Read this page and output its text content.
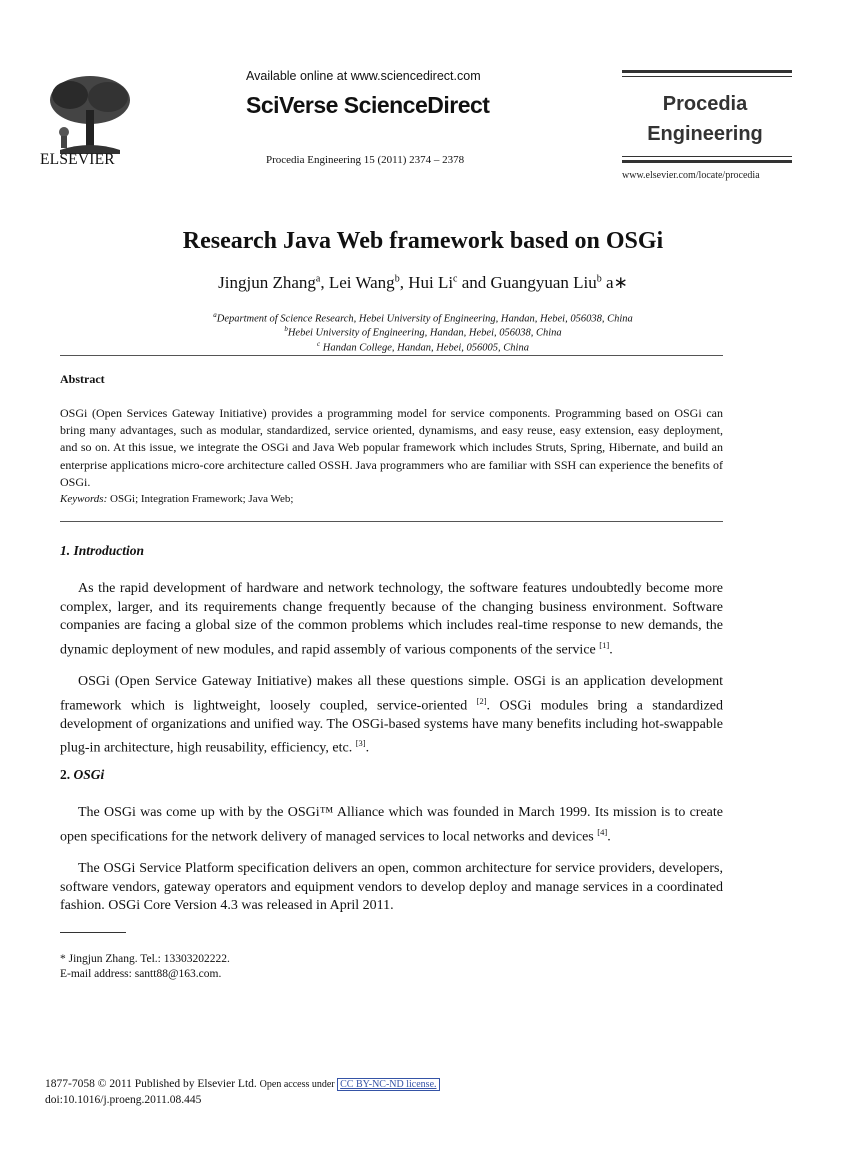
ELSEVIER
Available online at www.sciencedirect.com
SciVerse ScienceDirect
Procedia Engineering 15 (2011) 2374 – 2378
Procedia
Engineering
www.elsevier.com/locate/procedia
Research Java Web framework based on OSGi
Jingjun Zhang$^a$, Lei Wang$^b$, Hui Li$^c$ and Guangyuan Liu$^b$ a∗
$^a$Department of Science Research, Hebei University of Engineering, Handan, Hebei, 056038, China
$^b$Hebei University of Engineering, Handan, Hebei, 056038, China
$^c$ Handan College, Handan, Hebei, 056005, China
Abstract
OSGi (Open Services Gateway Initiative) provides a programming model for service components. Programming based on OSGi can bring many advantages, such as modular, standardized, service oriented, dynamisms, and easy reuse, easy extension, easy deployment, and so on. At this issue, we integrate the OSGi and Java Web popular framework which includes Struts, Spring, Hibernate, and build an enterprise applications micro-core architecture called OSSH. Java programmers who are familiar with SSH can experience the benefits of OSGi.
Keywords: OSGi; Integration Framework; Java Web;
1. Introduction
As the rapid development of hardware and network technology, the software features undoubtedly become more complex, larger, and its requirements change frequently because of the changing business environment. Software companies are facing a global size of the common problems which includes real-time response to new demands, the dynamic deployment of new modules, and rapid assembly of various components of the service [1].
OSGi (Open Service Gateway Initiative) makes all these questions simple. OSGi is an application development framework which is lightweight, loosely coupled, service-oriented [2]. OSGi modules bring a standardized development of organizations and unified way. The OSGi-based systems have many benefits including hot-swappable plug-in architecture, high reusability, efficiency, etc. [3].
2. OSGi
The OSGi was come up with by the OSGi™ Alliance which was founded in March 1999. Its mission is to create open specifications for the network delivery of managed services to local networks and devices [4].
The OSGi Service Platform specification delivers an open, common architecture for service providers, developers, software vendors, gateway operators and equipment vendors to develop deploy and manage services in a coordinated fashion. OSGi Core Version 4.3 was released in April 2011.
* Jingjun Zhang. Tel.: 13303202222.
E-mail address: santt88@163.com.
1877-7058 © 2011 Published by Elsevier Ltd. Open access under CC BY-NC-ND license.
doi:10.1016/j.proeng.2011.08.445
